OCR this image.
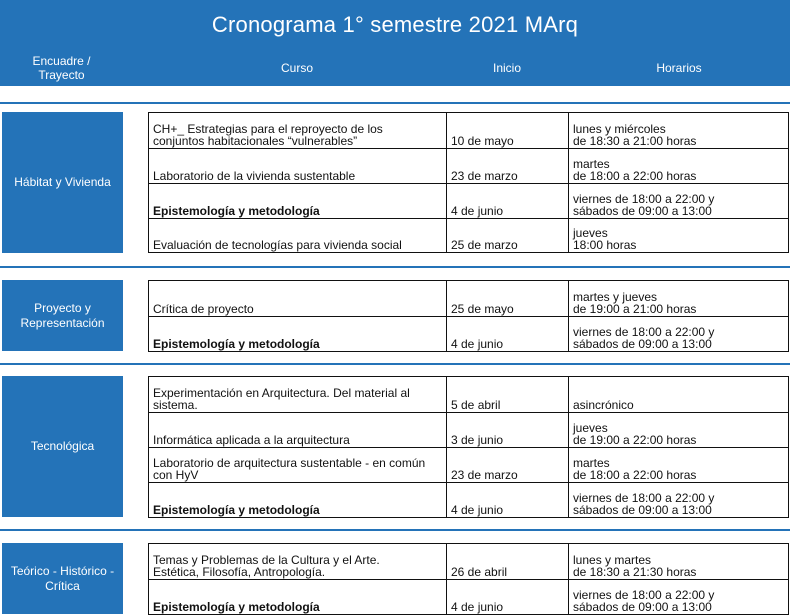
Cronograma 1° semestre 2021 MArq
Encuadre /
Trayecto	Curso	Inicio	Horarios
Hábitat y Vivienda
CH+_ Estrategias para el reproyecto de los
conjuntos habitacionales “vulnerables”	10 de mayo	lunes y miércoles
de 18:30 a 21:00 horas

Laboratorio de la vivienda sustentable	23 de marzo	martes
de 18:00 a 22:00 horas

Epistemología y metodología	4 de junio	viernes de 18:00 a 22:00 y
sábados de 09:00 a 13:00

Evaluación de tecnologías para vivienda social	25 de marzo	jueves
18:00 horas
Proyecto y Representación
Crítica de proyecto	25 de mayo	martes y jueves
de 19:00 a 21:00 horas

Epistemología y metodología	4 de junio	viernes de 18:00 a 22:00 y
sábados de 09:00 a 13:00
Tecnológica
Experimentación en Arquitectura. Del material al
sistema.	5 de abril	asincrónico
Informática aplicada a la arquitectura	3 de junio	jueves
de 19:00 a 22:00 horas

Laboratorio de arquitectura sustentable - en común
con HyV	23 de marzo	martes
de 18:00 a 22:00 horas

Epistemología y metodología	4 de junio	viernes de 18:00 a 22:00 y
sábados de 09:00 a 13:00
Teórico - Histórico - Crítica
Temas y Problemas de la Cultura y el Arte.
Estética, Filosofía, Antropología.	26 de abril	lunes y martes
de 18:30 a 21:30 horas

Epistemología y metodología	4 de junio	viernes de 18:00 a 22:00 y
sábados de 09:00 a 13:00
